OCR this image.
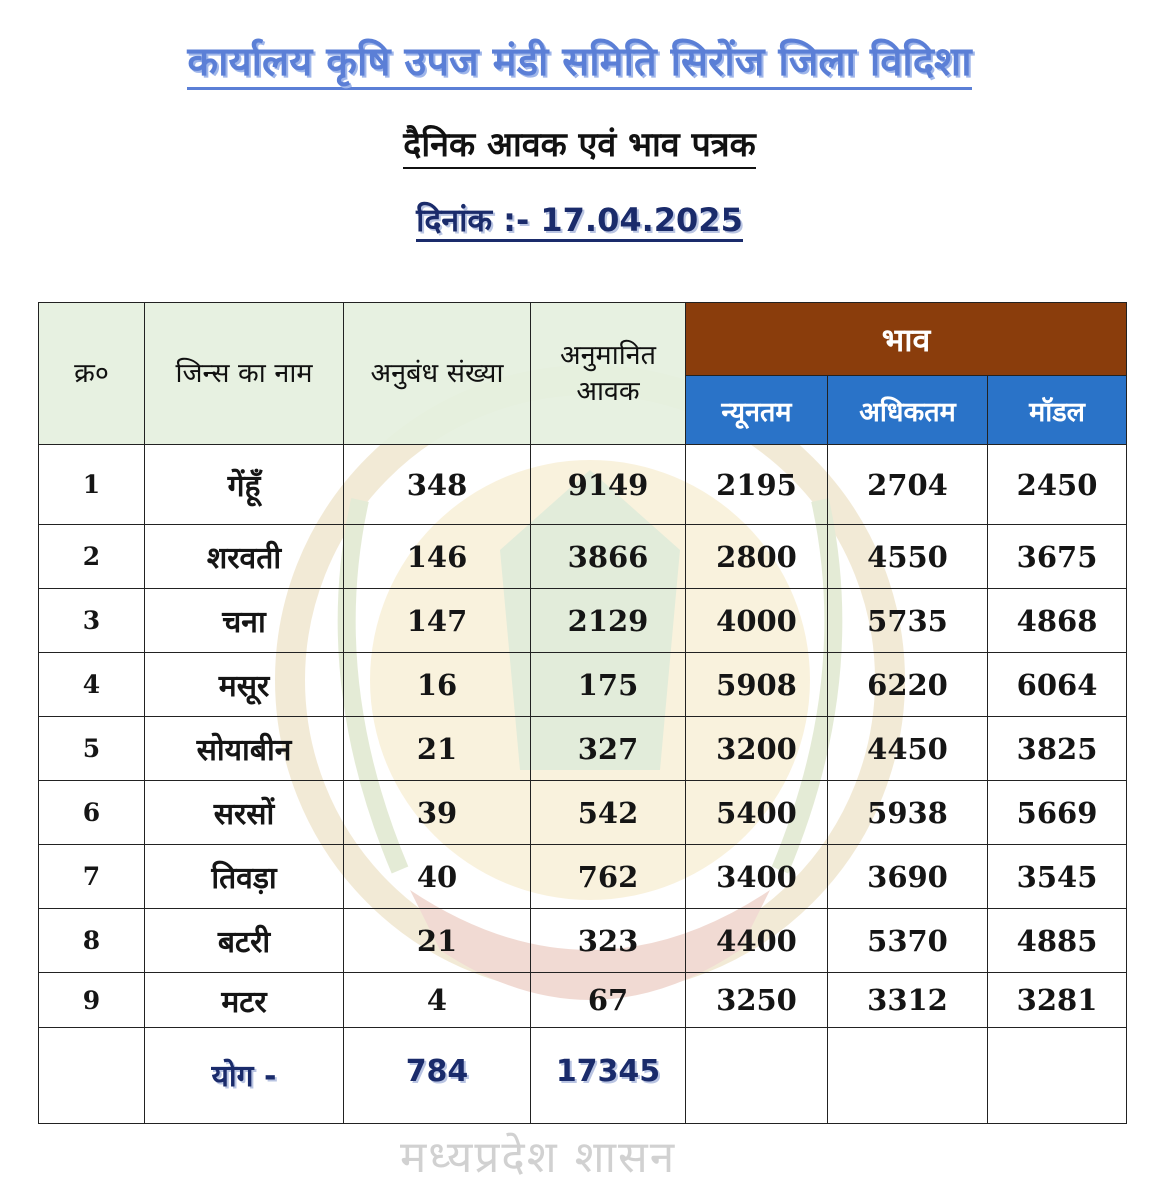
कार्यालय कृषि उपज मंडी समिति सिरोंज जिला विदिशा
दैनिक आवक एवं भाव पत्रक
दिनांक :- 17.04.2025
क्र०	जिन्स का नाम	अनुबंध संख्या	अनुमानित आवक	भाव		
				न्यूनतम	अधिकतम	मॉडल
1	गेंहूॅं	348	9149	2195	2704	2450
2	शरवती	146	3866	2800	4550	3675
3	चना	147	2129	4000	5735	4868
4	मसूर	16	175	5908	6220	6064
5	सोयाबीन	21	327	3200	4450	3825
6	सरसों	39	542	5400	5938	5669
7	तिवड़ा	40	762	3400	3690	3545
8	बटरी	21	323	4400	5370	4885
9	मटर	4	67	3250	3312	3281
	योग -	784	17345			
मध्यप्रदेश शासन
